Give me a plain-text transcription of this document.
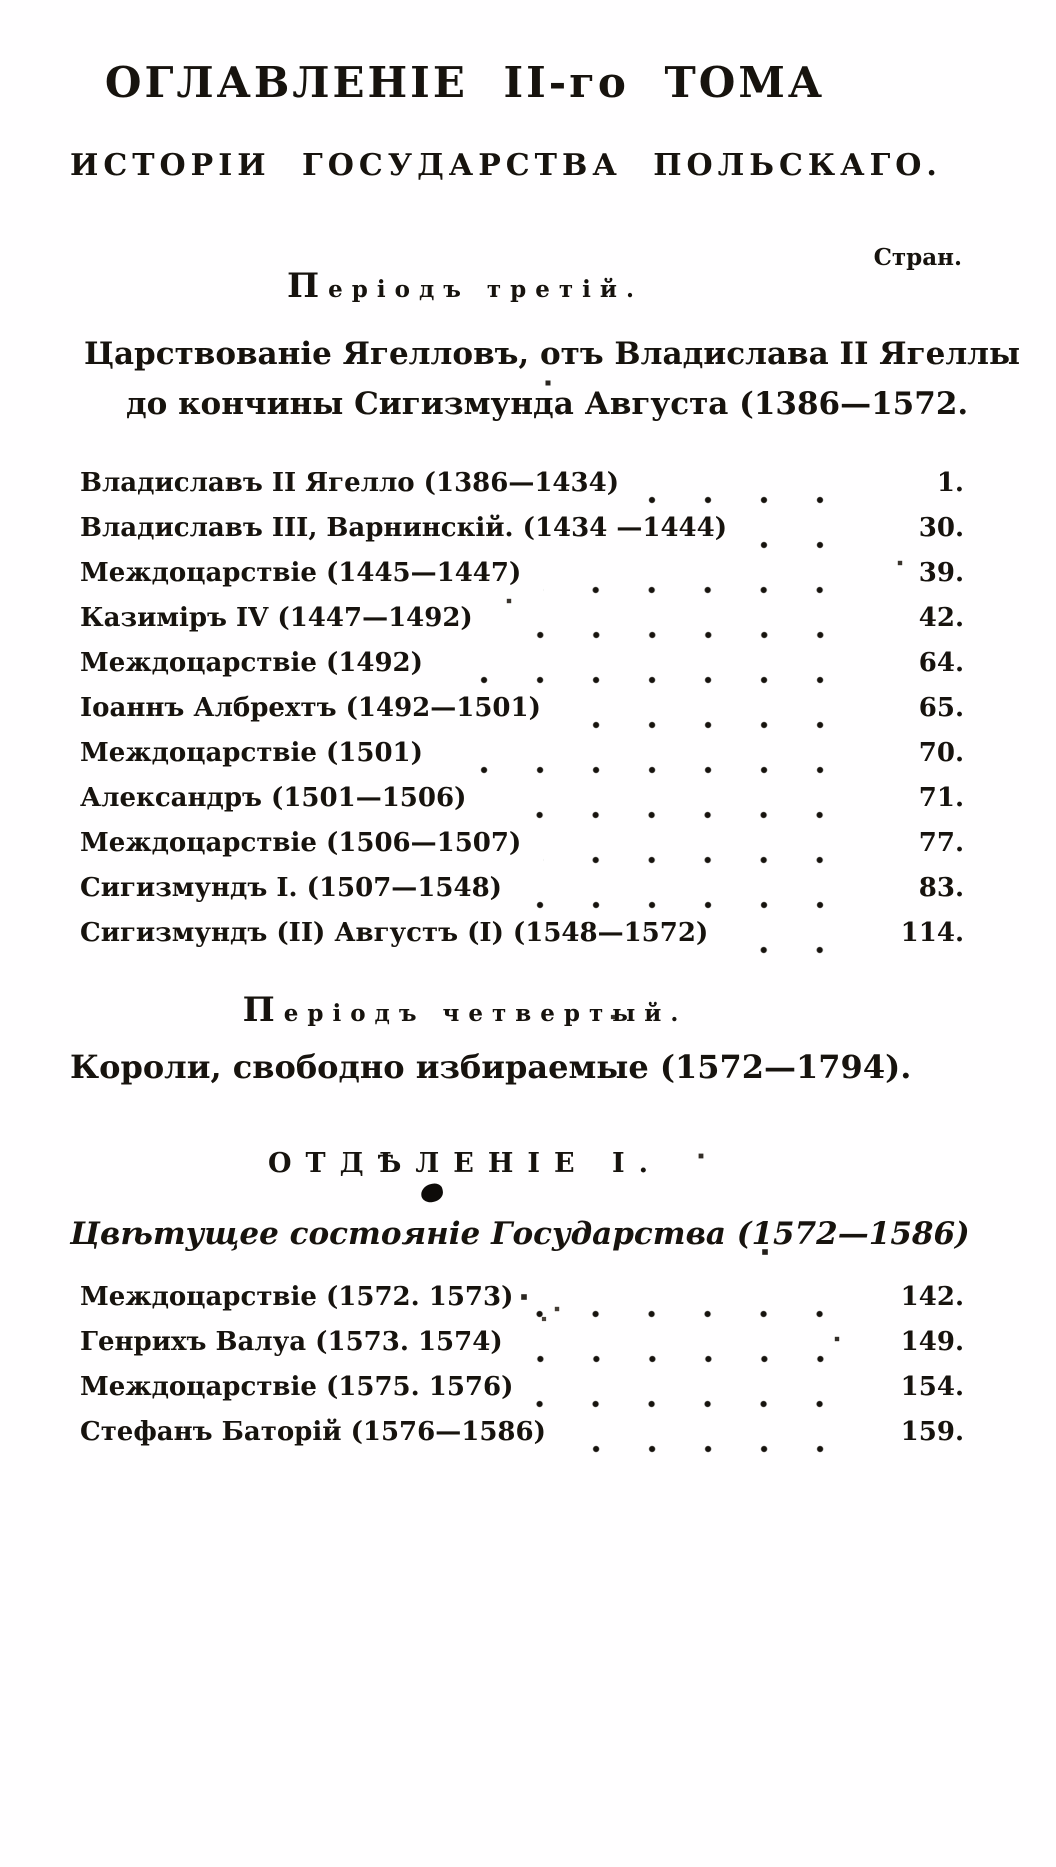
ОГЛАВЛЕНІЕ II-го ТОМА
ИСТОРІИ ГОСУДАРСТВА ПОЛЬСКАГО.
Стран.
Періодъ третій.
Царствованіе Ягелловъ, отъ Владислава II Ягеллы
до кончины Сигизмунда Августа (1386—1572.
Владиславъ II Ягелло (1386—1434)	1.
Владиславъ III, Варнинскій. (1434 —1444)	30.
Междоцарствіе (1445—1447)	39.
Казиміръ IV (1447—1492)	42.
Междоцарствіе (1492)	64.
Іоаннъ Албрехтъ (1492—1501)	65.
Междоцарствіе (1501)	70.
Александръ (1501—1506)	71.
Междоцарствіе (1506—1507)	77.
Сигизмундъ I. (1507—1548)	83.
Сигизмундъ (II) Августъ (I) (1548—1572)	114.
Періодъ четвертый.
Короли, свободно избираемые (1572—1794).
ОТДѢЛЕНІЕ I.
Цвѣтущее состояніе Государства (1572—1586)
Междоцарствіе (1572. 1573)	142.
Генрихъ Валуа (1573. 1574)	149.
Междоцарствіе (1575. 1576)	154.
Стефанъ Баторій (1576—1586)	159.
